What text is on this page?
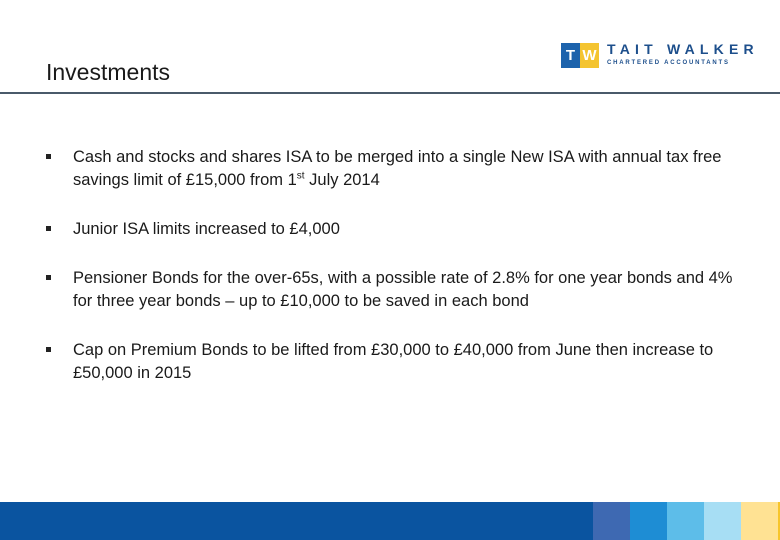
Investments
T W TAIT WALKER
CHARTERED ACCOUNTANTS
Cash and stocks and shares ISA to be merged into a single New ISA with annual tax free savings limit of £15,000 from 1st July 2014
Junior ISA limits increased to £4,000
Pensioner Bonds for the over-65s, with a possible rate of 2.8% for one year bonds and 4% for three year bonds – up to £10,000 to be saved in each bond
Cap on Premium Bonds to be lifted from £30,000 to £40,000 from June then increase to £50,000 in 2015
